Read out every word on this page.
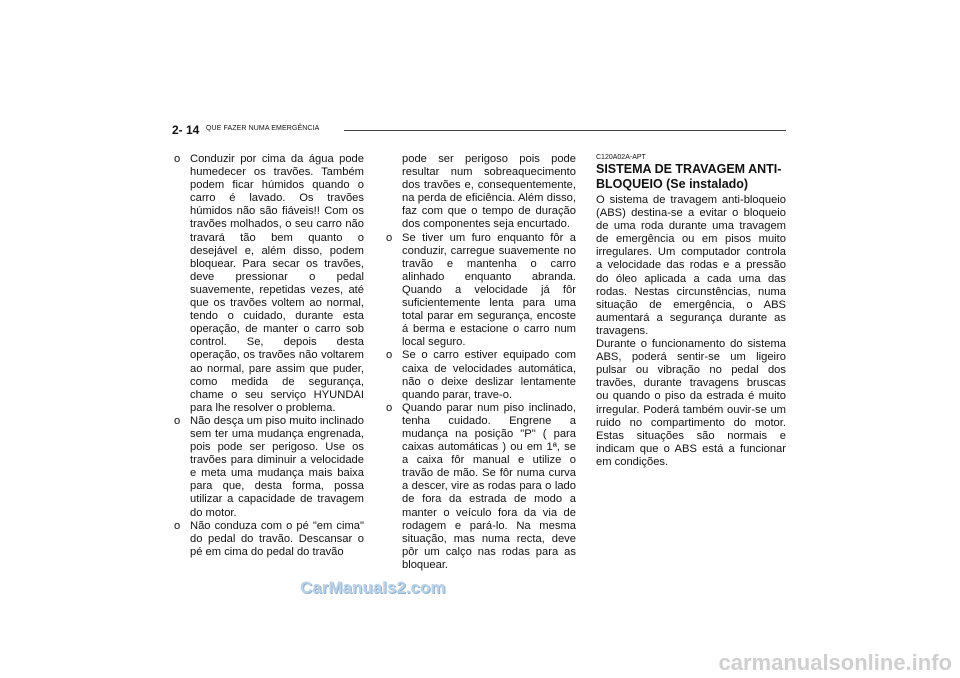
2- 14 QUE FAZER NUMA EMERGÊNCIA
o Conduzir por cima da água pode humedecer os travões. Também podem ficar húmidos quando o carro é lavado. Os travões húmidos não são fiáveis!! Com os travões molhados, o seu carro não travará tão bem quanto o desejável e, além disso, podem bloquear. Para secar os travões, deve pressionar o pedal suavemente, repetidas vezes, até que os travões voltem ao normal, tendo o cuidado, durante esta operação, de manter o carro sob control. Se, depois desta operação, os travões não voltarem ao normal, pare assim que puder, como medida de segurança, chame o seu serviço HYUNDAI para lhe resolver o problema.
o Não desça um piso muito inclinado sem ter uma mudança engrenada, pois pode ser perigoso. Use os travões para diminuir a velocidade e meta uma mudança mais baixa para que, desta forma, possa utilizar a capacidade de travagem do motor.
o Não conduza com o pé "em cima" do pedal do travão. Descansar o pé em cima do pedal do travão
pode ser perigoso pois pode resultar num sobreaquecimento dos travões e, consequentemente, na perda de eficiência. Além disso, faz com que o tempo de duração dos componentes seja encurtado.
o Se tiver um furo enquanto fôr a conduzir, carregue suavemente no travão e mantenha o carro alinhado enquanto abranda. Quando a velocidade já fôr suficientemente lenta para uma total parar em segurança, encoste á berma e estacione o carro num local seguro.
o Se o carro estiver equipado com caixa de velocidades automática, não o deixe deslizar lentamente quando parar, trave-o.
o Quando parar num piso inclinado, tenha cuidado. Engrene a mudança na posição "P" ( para caixas automáticas ) ou em 1ª, se a caixa fôr manual e utilize o travão de mão. Se fôr numa curva a descer, vire as rodas para o lado de fora da estrada de modo a manter o veículo fora da via de rodagem e pará-lo. Na mesma situação, mas numa recta, deve pôr um calço nas rodas para as bloquear.
C120A02A-APT
SISTEMA DE TRAVAGEM ANTI-BLOQUEIO (Se instalado)
O sistema de travagem anti-bloqueio (ABS) destina-se a evitar o bloqueio de uma roda durante uma travagem de emergência ou em pisos muito irregulares. Um computador controla a velocidade das rodas e a pressão do óleo aplicada a cada uma das rodas. Nestas circunstências, numa situação de emergência, o ABS aumentará a segurança durante as travagens.
Durante o funcionamento do sistema ABS, poderá sentir-se um ligeiro pulsar ou vibração no pedal dos travões, durante travagens bruscas ou quando o piso da estrada é muito irregular. Poderá também ouvir-se um ruido no compartimento do motor. Estas situações são normais e indicam que o ABS está a funcionar em condições.
CarManuals2.com
carmanualsonline.info
